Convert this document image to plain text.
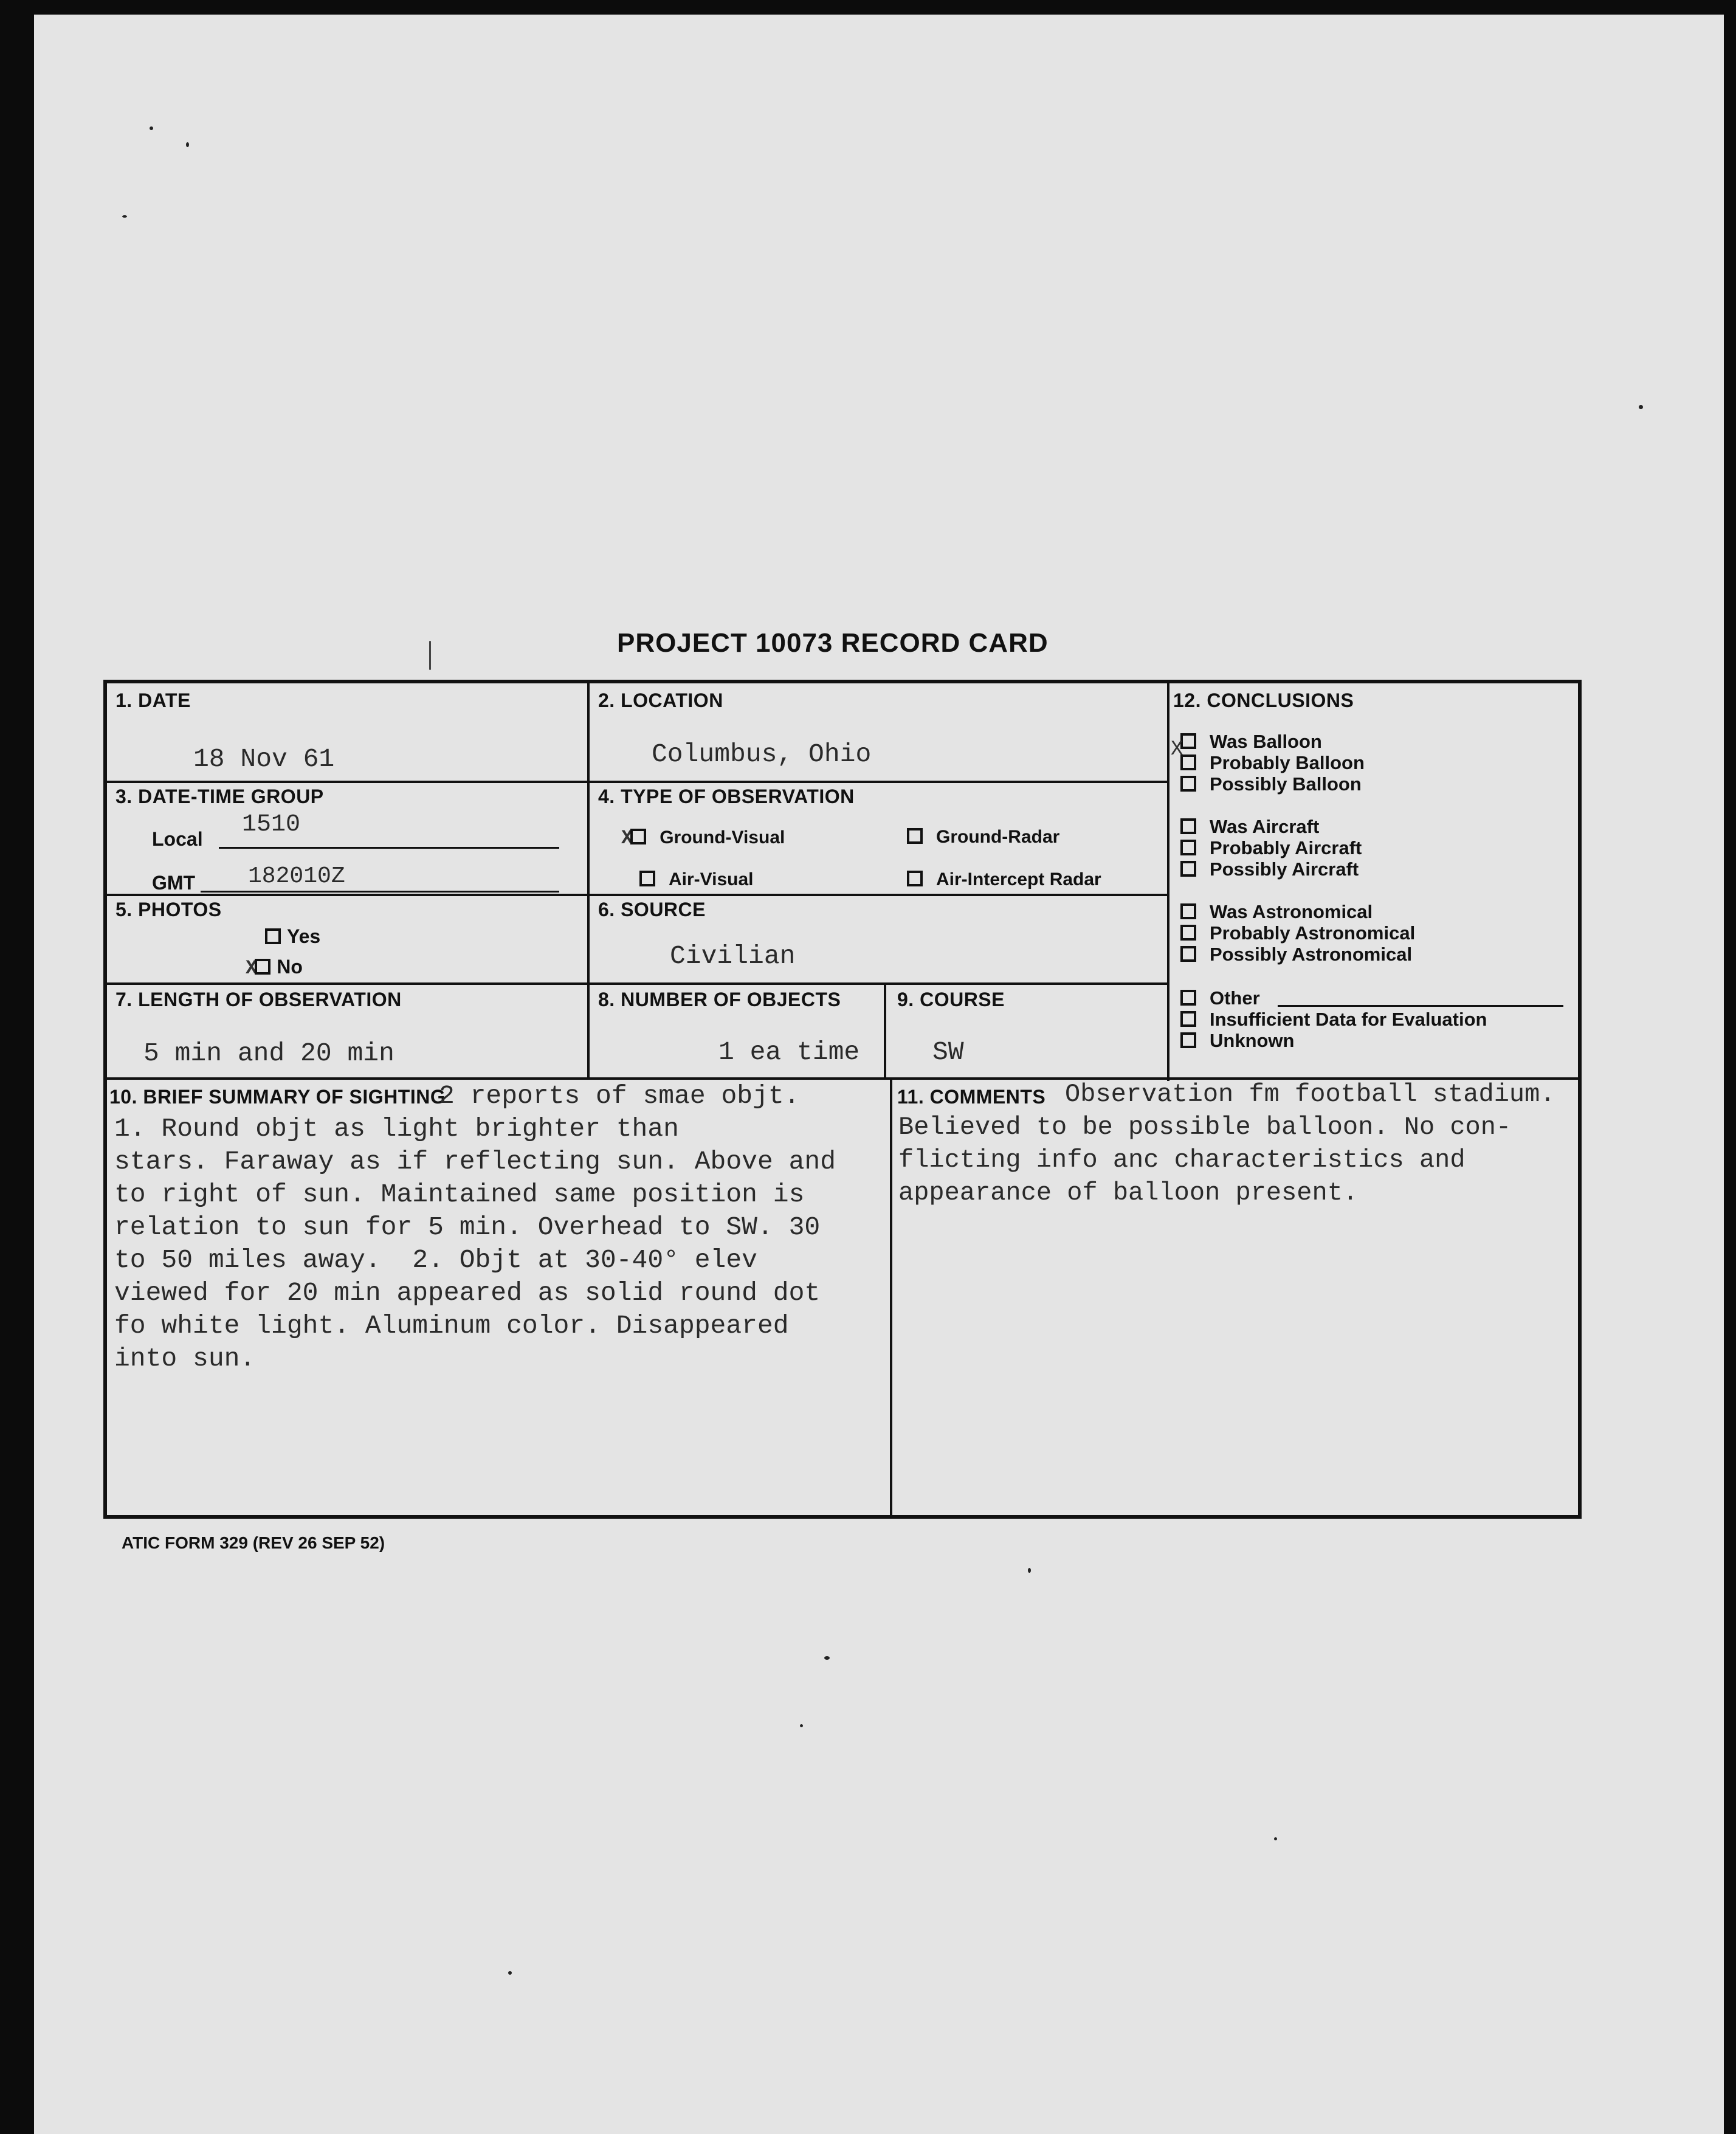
PROJECT 10073 RECORD CARD
1. DATE
18 Nov 61
2. LOCATION
Columbus, Ohio
3. DATE-TIME GROUP
Local
1510
GMT 182010Z
4. TYPE OF OBSERVATION
X Ground-Visual	Ground-Radar
Air-Visual	Air-Intercept Radar
5. PHOTOS
Yes
X No
6. SOURCE
Civilian
7. LENGTH OF OBSERVATION
5 min and 20 min
8. NUMBER OF OBJECTS
1 ea time
9. COURSE
SW
10. BRIEF SUMMARY OF SIGHTING
2 reports of smae objt.
1. Round objt as light brighter than
stars. Faraway as if reflecting sun. Above and
to right of sun. Maintained same position is
relation to sun for 5 min. Overhead to SW. 30
to 50 miles away.  2. Objt at 30-40° elev
viewed for 20 min appeared as solid round dot
fo white light. Aluminum color. Disappeared
into sun.
11. COMMENTS Observation fm football stadium.
Believed to be possible balloon. No con-
flicting info anc characteristics and
appearance of balloon present.
12. CONCLUSIONS
Was Balloon
Probably Balloon
X
Possibly Balloon
Was Aircraft
Probably Aircraft
Possibly Aircraft
Was Astronomical
Probably Astronomical
Possibly Astronomical
Other
Insufficient Data for Evaluation
Unknown
ATIC FORM 329 (REV 26 SEP 52)
